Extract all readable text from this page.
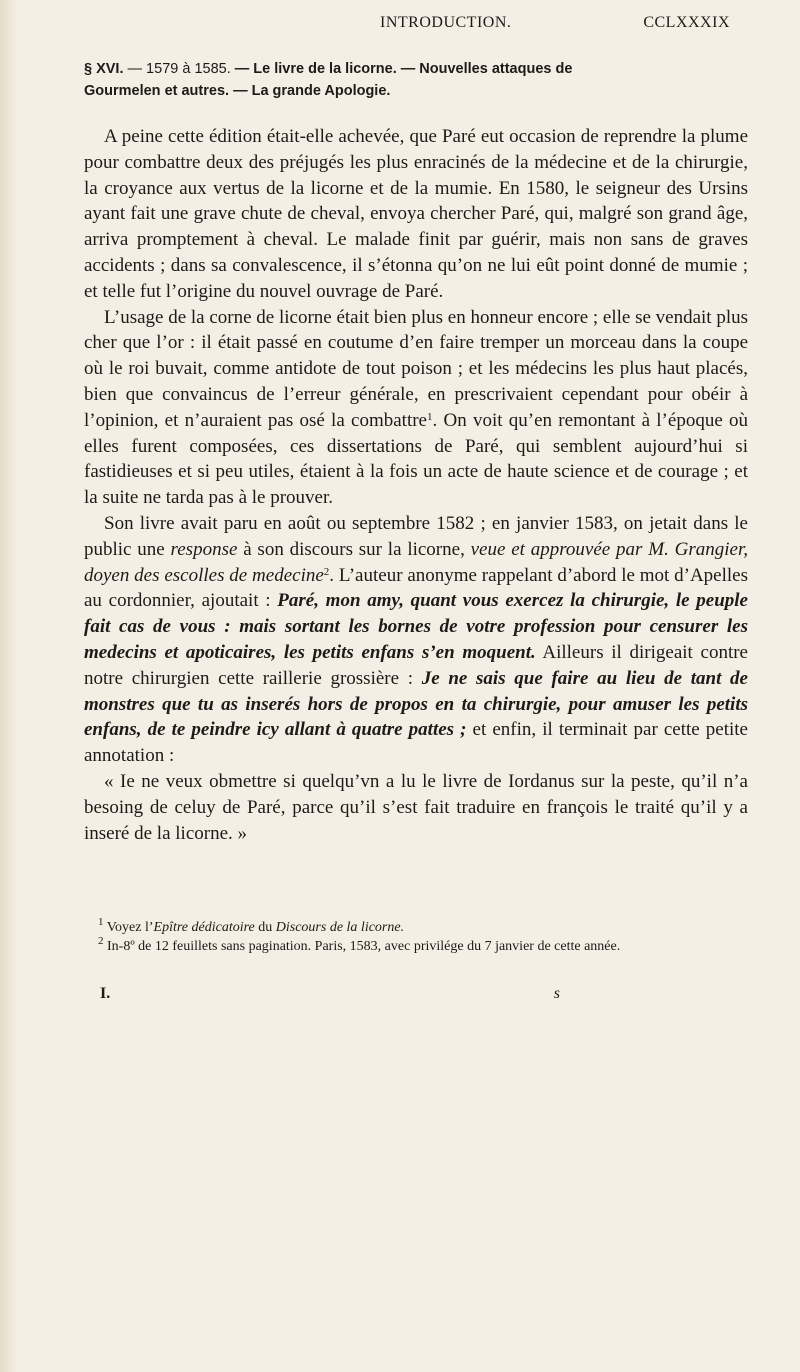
INTRODUCTION.	CCLXXXIX
§ XVI. — 1579 à 1585. — Le livre de la licorne. — Nouvelles attaques de
Gourmelen et autres. — La grande Apologie.

A peine cette édition était-elle achevée, que Paré eut occasion de reprendre la plume pour combattre deux des préjugés les plus enracinés de la médecine et de la chirurgie, la croyance aux vertus de la licorne et de la mumie. En 1580, le seigneur des Ursins ayant fait une grave chute de cheval, envoya chercher Paré, qui, malgré son grand âge, arriva promptement à cheval. Le malade finit par guérir, mais non sans de graves accidents ; dans sa convalescence, il s’étonna qu’on ne lui eût point donné de mumie ; et telle fut l’origine du nouvel ouvrage de Paré.

L’usage de la corne de licorne était bien plus en honneur encore ; elle se vendait plus cher que l’or : il était passé en coutume d’en faire tremper un morceau dans la coupe où le roi buvait, comme antidote de tout poison ; et les médecins les plus haut placés, bien que convaincus de l’erreur générale, en prescrivaient cependant pour obéir à l’opinion, et n’auraient pas osé la combattre$^1$. On voit qu’en remontant à l’époque où elles furent composées, ces dissertations de Paré, qui semblent aujourd’hui si fastidieuses et si peu utiles, étaient à la fois un acte de haute science et de courage ; et la suite ne tarda pas à le prouver.

Son livre avait paru en août ou septembre 1582 ; en janvier 1583, on jetait dans le public une response à son discours sur la licorne, veue et approuvée par M. Grangier, doyen des escolles de medecine$^2$. L’auteur anonyme rappelant d’abord le mot d’Apelles au cordonnier, ajoutait : Paré, mon amy, quant vous exercez la chirurgie, le peuple fait cas de vous : mais sortant les bornes de votre profession pour censurer les medecins et apoticaires, les petits enfans s’en moquent. Ailleurs il dirigeait contre notre chirurgien cette raillerie grossière : Je ne sais que faire au lieu de tant de monstres que tu as inserés hors de propos en ta chirurgie, pour amuser les petits enfans, de te peindre icy allant à quatre pattes ; et enfin, il terminait par cette petite annotation :

« Ie ne veux obmettre si quelqu’vn a lu le livre de Iordanus sur la peste, qu’il n’a besoing de celuy de Paré, parce qu’il s’est fait traduire en françois le traité qu’il y a inseré de la licorne. »

$^1$ Voyez l’Epître dédicatoire du Discours de la licorne.

$^2$ In-8º de 12 feuillets sans pagination. Paris, 1583, avec privilége du 7 janvier de cette année.

I.	s
